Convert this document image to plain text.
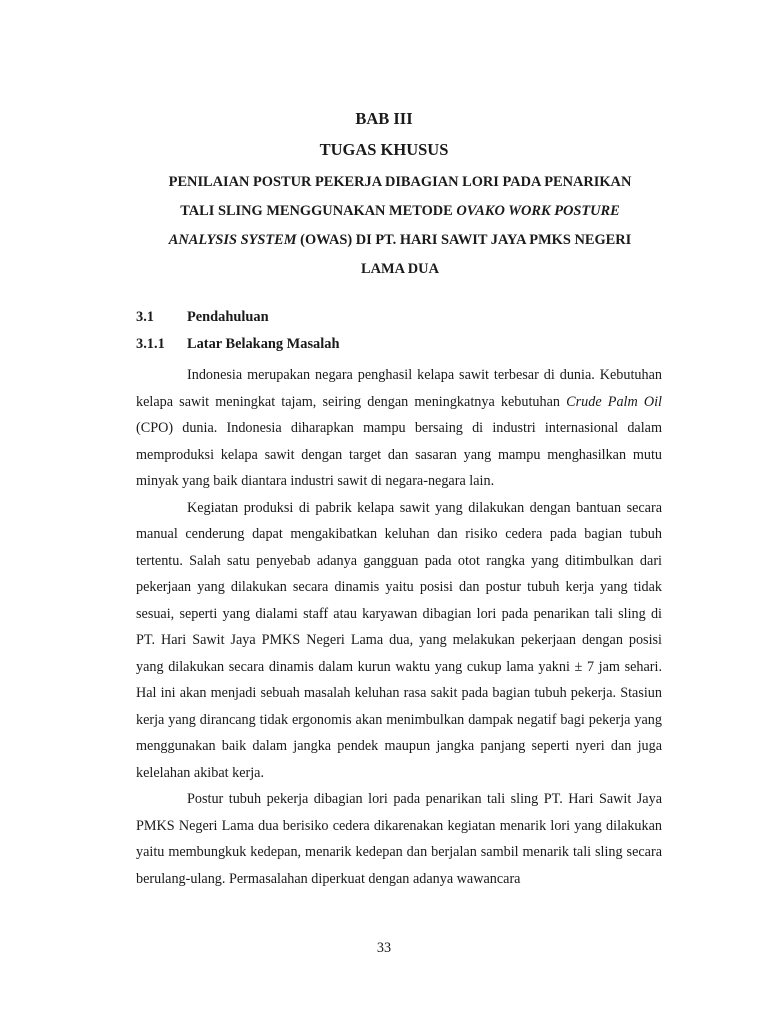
BAB III
TUGAS KHUSUS
PENILAIAN POSTUR PEKERJA DIBAGIAN LORI PADA PENARIKAN
TALI SLING MENGGUNAKAN METODE OVAKO WORK POSTURE
ANALYSIS SYSTEM (OWAS) DI PT. HARI SAWIT JAYA PMKS NEGERI
LAMA DUA
3.1 Pendahuluan
3.1.1 Latar Belakang Masalah

Indonesia merupakan negara penghasil kelapa sawit terbesar di dunia. Kebutuhan kelapa sawit meningkat tajam, seiring dengan meningkatnya kebutuhan Crude Palm Oil (CPO) dunia. Indonesia diharapkan mampu bersaing di industri internasional dalam memproduksi kelapa sawit dengan target dan sasaran yang mampu menghasilkan mutu minyak yang baik diantara industri sawit di negara-negara lain.

Kegiatan produksi di pabrik kelapa sawit yang dilakukan dengan bantuan secara manual cenderung dapat mengakibatkan keluhan dan risiko cedera pada bagian tubuh tertentu. Salah satu penyebab adanya gangguan pada otot rangka yang ditimbulkan dari pekerjaan yang dilakukan secara dinamis yaitu posisi dan postur tubuh kerja yang tidak sesuai, seperti yang dialami staff atau karyawan dibagian lori pada penarikan tali sling di PT. Hari Sawit Jaya PMKS Negeri Lama dua, yang melakukan pekerjaan dengan posisi yang dilakukan secara dinamis dalam kurun waktu yang cukup lama yakni ± 7 jam sehari. Hal ini akan menjadi sebuah masalah keluhan rasa sakit pada bagian tubuh pekerja. Stasiun kerja yang dirancang tidak ergonomis akan menimbulkan dampak negatif bagi pekerja yang menggunakan baik dalam jangka pendek maupun jangka panjang seperti nyeri dan juga kelelahan akibat kerja.

Postur tubuh pekerja dibagian lori pada penarikan tali sling PT. Hari Sawit Jaya PMKS Negeri Lama dua berisiko cedera dikarenakan kegiatan menarik lori yang dilakukan yaitu membungkuk kedepan, menarik kedepan dan berjalan sambil menarik tali sling secara berulang-ulang. Permasalahan diperkuat dengan adanya wawancara

33
